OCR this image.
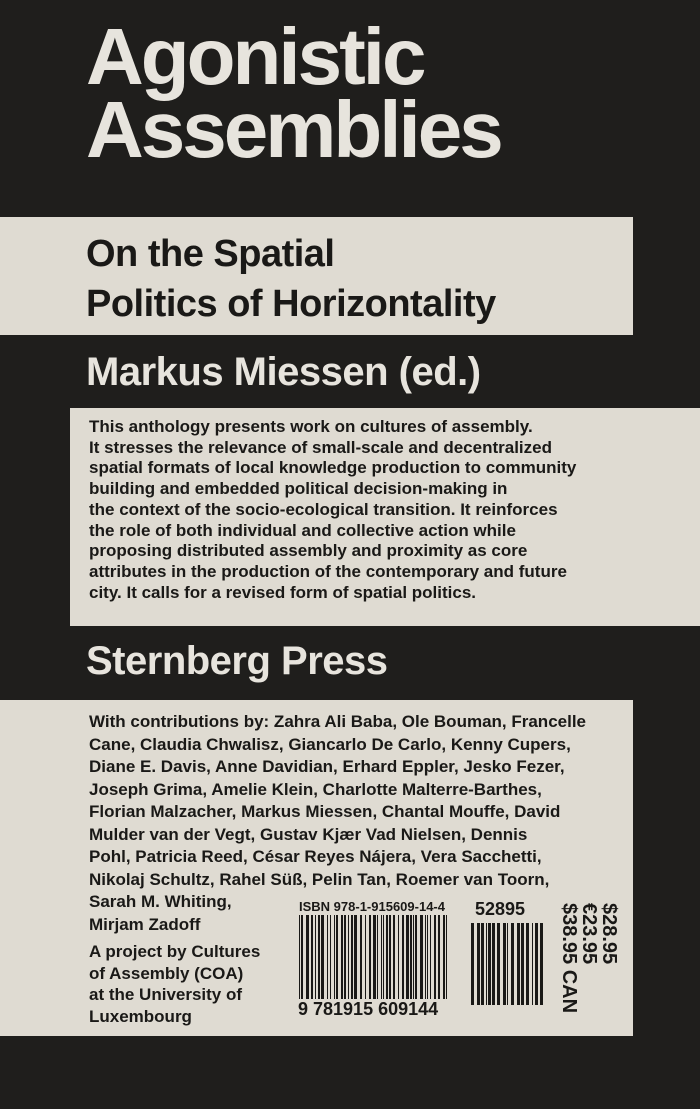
Agonistic
Assemblies
On the Spatial
Politics of Horizontality
Markus Miessen (ed.)

This anthology presents work on cultures of assembly.
It stresses the relevance of small-scale and decentralized
spatial formats of local knowledge production to community
building and embedded political decision-making in
the context of the socio-ecological transition. It reinforces
the role of both individual and collective action while
proposing distributed assembly and proximity as core
attributes in the production of the contemporary and future
city. It calls for a revised form of spatial politics.

Sternberg Press

With contributions by: Zahra Ali Baba, Ole Bouman, Francelle
Cane, Claudia Chwalisz, Giancarlo De Carlo, Kenny Cupers,
Diane E. Davis, Anne Davidian, Erhard Eppler, Jesko Fezer,
Joseph Grima, Amelie Klein, Charlotte Malterre-Barthes,
Florian Malzacher, Markus Miessen, Chantal Mouffe, David
Mulder van der Vegt, Gustav Kjær Vad Nielsen, Dennis
Pohl, Patricia Reed, César Reyes Nájera, Vera Sacchetti,
Nikolaj Schultz, Rahel Süß, Pelin Tan, Roemer van Toorn,
Sarah M. Whiting,
Mirjam Zadoff

A project by Cultures
of Assembly (COA)
at the University of
Luxembourg

ISBN 978-1-915609-14-4
9 781915 609144
52895	$28.95
€23.95
$38.95 CAN
